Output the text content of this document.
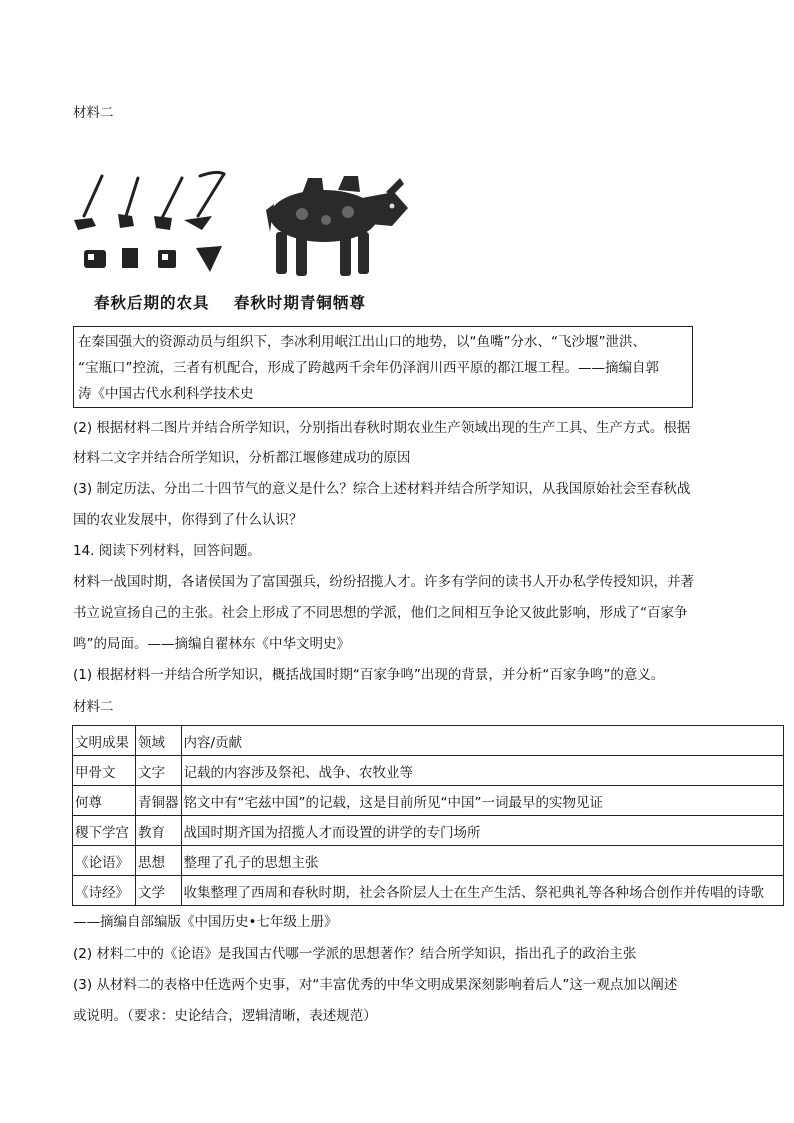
材料二
春秋后期的农具 春秋时期青铜牺尊
在秦国强大的资源动员与组织下，李冰利用岷江出山口的地势，以“鱼嘴”分水、“飞沙堰”泄洪、
“宝瓶口”控流，三者有机配合，形成了跨越两千余年仍泽润川西平原的都江堰工程。——摘编自郭
涛《中国古代水利科学技术史
(2) 根据材料二图片并结合所学知识，分别指出春秋时期农业生产领域出现的生产工具、生产方式。根据
材料二文字并结合所学知识，分析都江堰修建成功的原因
(3) 制定历法、分出二十四节气的意义是什么？综合上述材料并结合所学知识，从我国原始社会至春秋战
国的农业发展中，你得到了什么认识？
14. 阅读下列材料，回答问题。
材料一战国时期，各诸侯国为了富国强兵，纷纷招揽人才。许多有学问的读书人开办私学传授知识，并著
书立说宣扬自己的主张。社会上形成了不同思想的学派，他们之间相互争论又彼此影响，形成了“百家争
鸣”的局面。——摘编自翟林东《中华文明史》
(1) 根据材料一并结合所学知识，概括战国时期“百家争鸣”出现的背景，并分析“百家争鸣”的意义。
材料二
文明成果	领域	内容/贡献
甲骨文	文字	记载的内容涉及祭祀、战争、农牧业等
何尊	青铜器	铭文中有“宅兹中国”的记载，这是目前所见“中国”一词最早的实物见证
稷下学宫	教育	战国时期齐国为招揽人才而设置的讲学的专门场所
《论语》	思想	整理了孔子的思想主张
《诗经》	文学	收集整理了西周和春秋时期，社会各阶层人士在生产生活、祭祀典礼等各种场合创作并传唱的诗歌
——摘编自部编版《中国历史•七年级上册》
(2) 材料二中的《论语》是我国古代哪一学派的思想著作？结合所学知识，指出孔子的政治主张
(3) 从材料二的表格中任选两个史事，对“丰富优秀的中华文明成果深刻影响着后人”这一观点加以阐述
或说明。（要求：史论结合，逻辑清晰，表述规范）
